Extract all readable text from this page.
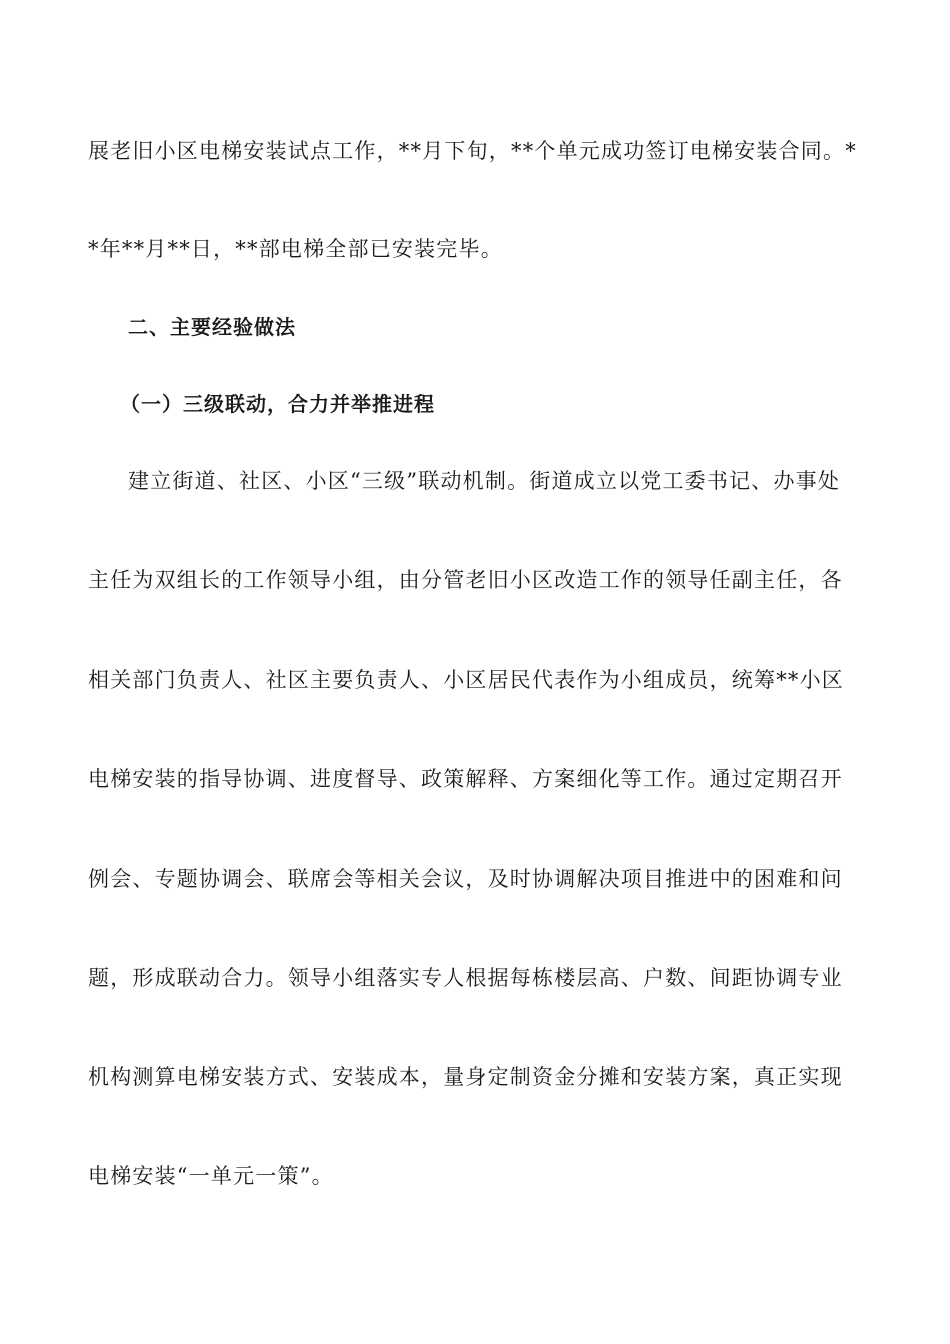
展老旧小区电梯安装试点工作，**月下旬，**个单元成功签订电梯安装合同。*
*年**月**日，**部电梯全部已安装完毕。
二、主要经验做法
（一）三级联动，合力并举推进程
建立街道、社区、小区“三级”联动机制。街道成立以党工委书记、办事处
主任为双组长的工作领导小组，由分管老旧小区改造工作的领导任副主任，各
相关部门负责人、社区主要负责人、小区居民代表作为小组成员，统筹**小区
电梯安装的指导协调、进度督导、政策解释、方案细化等工作。通过定期召开
例会、专题协调会、联席会等相关会议，及时协调解决项目推进中的困难和问
题，形成联动合力。领导小组落实专人根据每栋楼层高、户数、间距协调专业
机构测算电梯安装方式、安装成本，量身定制资金分摊和安装方案，真正实现
电梯安装“一单元一策”。
